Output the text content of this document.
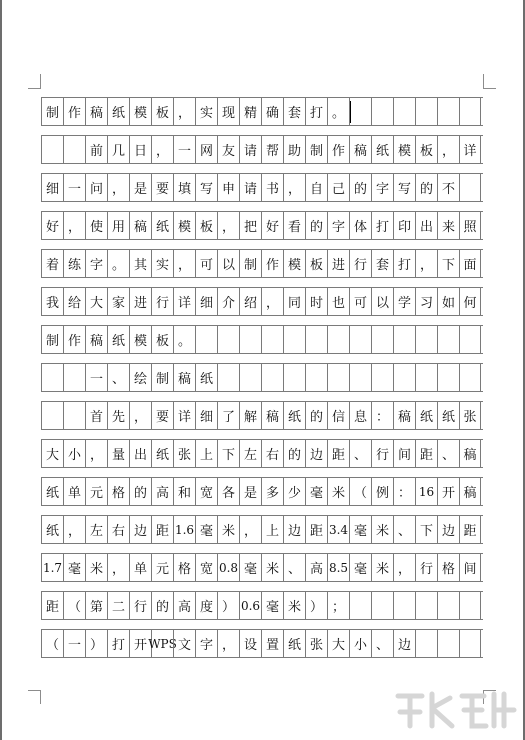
制 作 稿 纸 模 板 ， 实 现 精 确 套 打 。
前 几 日 ， 一 网 友 请 帮 助 制 作 稿 纸 模 板 ， 详
细 一 问 ， 是 要 填 写 申 请 书 ， 自 己 的 字 写 的 不
好 ， 使 用 稿 纸 模 板 ， 把 好 看 的 字 体 打 印 出 来 照
着 练 字 。 其 实 ， 可 以 制 作 模 板 进 行 套 打 ， 下 面
我 给 大 家 进 行 详 细 介 绍 ， 同 时 也 可 以 学 习 如 何
制 作 稿 纸 模 板 。
一 、 绘 制 稿 纸
首 先 ， 要 详 细 了 解 稿 纸 的 信 息 ： 稿 纸 纸 张
大 小 ， 量 出 纸 张 上 下 左 右 的 边 距 、 行 间 距 、 稿
纸 单 元 格 的 高 和 宽 各 是 多 少 毫 米 （ 例 ： 16 开 稿
纸 ， 左 右 边 距 1.6 毫 米 ， 上 边 距 3.4 毫 米 、 下 边 距
1.7 毫 米 ， 单 元 格 宽 0.8 毫 米 、 高 8.5 毫 米 ， 行 格 间
距 （ 第 二 行 的 高 度 ） 0.6 毫 米 ） ；
（ 一 ） 打 开 WPS 文 字 ， 设 置 纸 张 大 小 、 边
